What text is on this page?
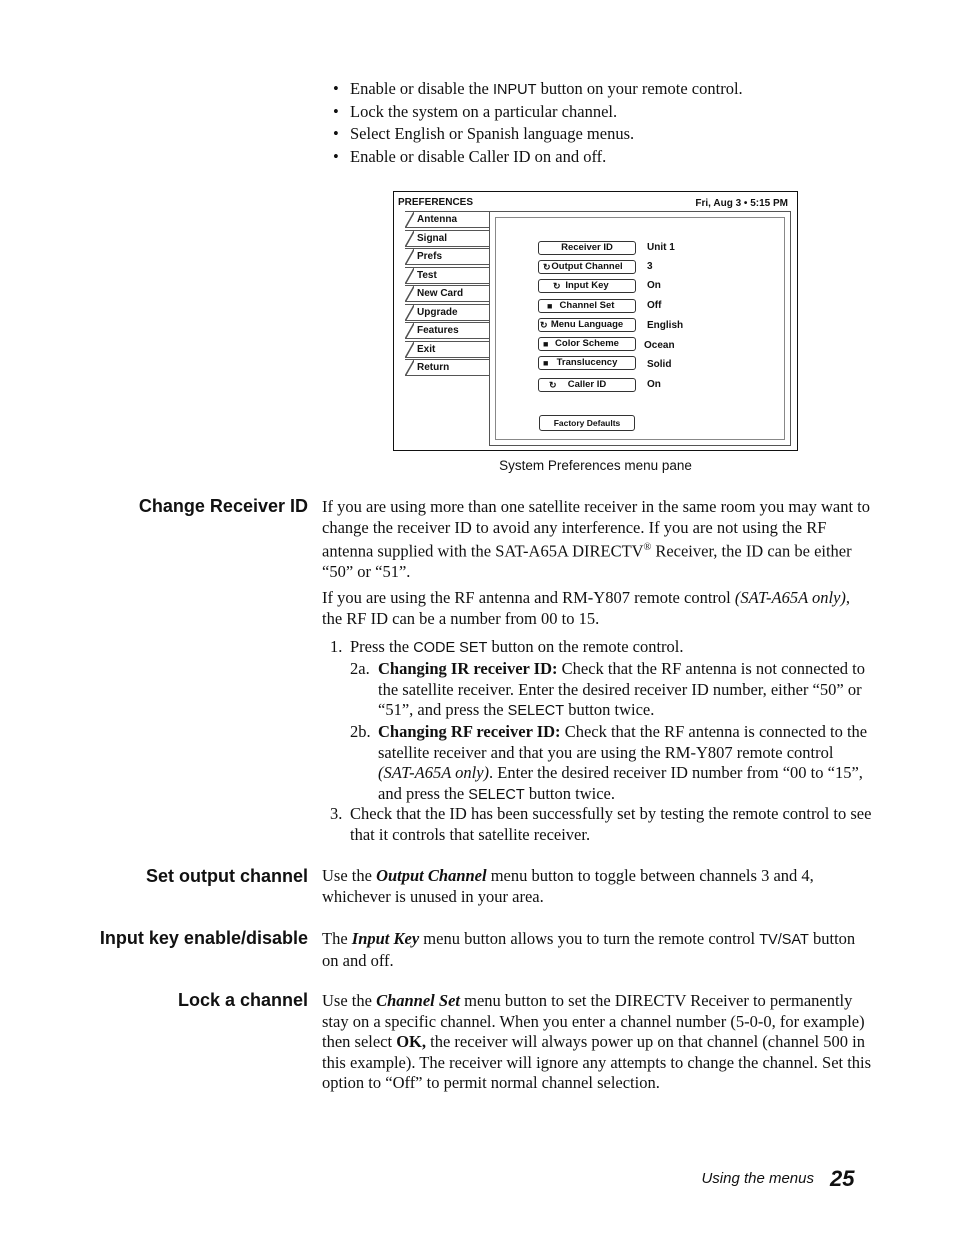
• Enable or disable the INPUT button on your remote control.
• Lock the system on a particular channel.
• Select English or Spanish language menus.
• Enable or disable Caller ID on and off.
PREFERENCES	Fri, Aug 3 • 5:15 PM
Antenna
Signal
Prefs
Test
New Card
Upgrade
Features
Exit
Return
Receiver ID	Unit 1
↻ Output Channel	3
↻ Input Key	On
■ Channel Set	Off
↻ Menu Language	English
■ Color Scheme	Ocean
■ Translucency	Solid
↻ Caller ID	On
Factory Defaults
System Preferences menu pane
Change Receiver ID If you are using more than one satellite receiver in the same room you may want to change the receiver ID to avoid any interference. If you are not using the RF antenna supplied with the SAT-A65A DIRECTV® Receiver, the ID can be either “50” or “51”.

If you are using the RF antenna and RM-Y807 remote control (SAT-A65A only), the RF ID can be a number from 00 to 15.

1. Press the CODE SET button on the remote control.
2a. Changing IR receiver ID: Check that the RF antenna is not connected to the satellite receiver. Enter the desired receiver ID number, either “50” or “51”, and press the SELECT button twice.
2b. Changing RF receiver ID: Check that the RF antenna is connected to the satellite receiver and that you are using the RM-Y807 remote control (SAT-A65A only). Enter the desired receiver ID number from “00 to “15”, and press the SELECT button twice.
3. Check that the ID has been successfully set by testing the remote control to see that it controls that satellite receiver.
Set output channel Use the Output Channel menu button to toggle between channels 3 and 4, whichever is unused in your area.

Input key enable/disable The Input Key menu button allows you to turn the remote control TV/SAT button on and off.

Lock a channel Use the Channel Set menu button to set the DIRECTV Receiver to permanently stay on a specific channel. When you enter a channel number (5-0-0, for example) then select OK, the receiver will always power up on that channel (channel 500 in this example). The receiver will ignore any attempts to change the channel. Set this option to “Off” to permit normal channel selection.

Using the menus 25
